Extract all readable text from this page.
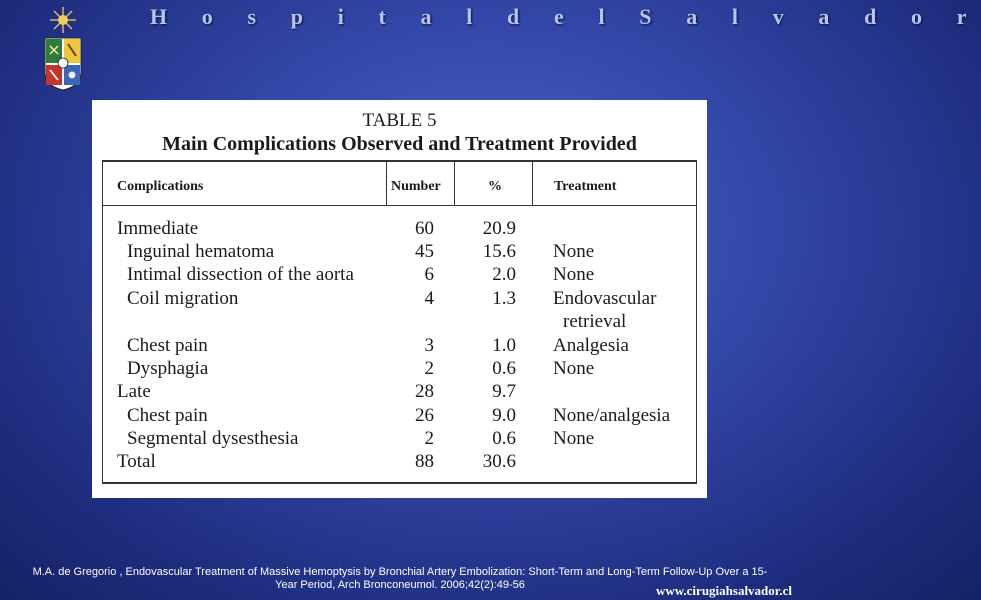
H o s p i t a l d e l S a l v a d o r
TABLE 5
Main Complications Observed and Treatment Provided
Complications	Number	%	Treatment
Immediate	60	20.9
Inguinal hematoma	45	15.6 None
Intimal dissection of the aorta	6	2.0 None
Coil migration	4	1.3 Endovascular
retrieval
Chest pain	3	1.0 Analgesia
Dysphagia	2	0.6 None
Late	28	9.7
Chest pain	26	9.0 None/analgesia
Segmental dysesthesia	2	0.6 None
Total	88	30.6
M.A. de Gregorio , Endovascular Treatment of Massive Hemoptysis by Bronchial Artery Embolization: Short-Term and Long-Term Follow-Up Over a 15-
Year Period, Arch Bronconeumol. 2006;42(2):49-56	www.cirugiahsalvador.cl
